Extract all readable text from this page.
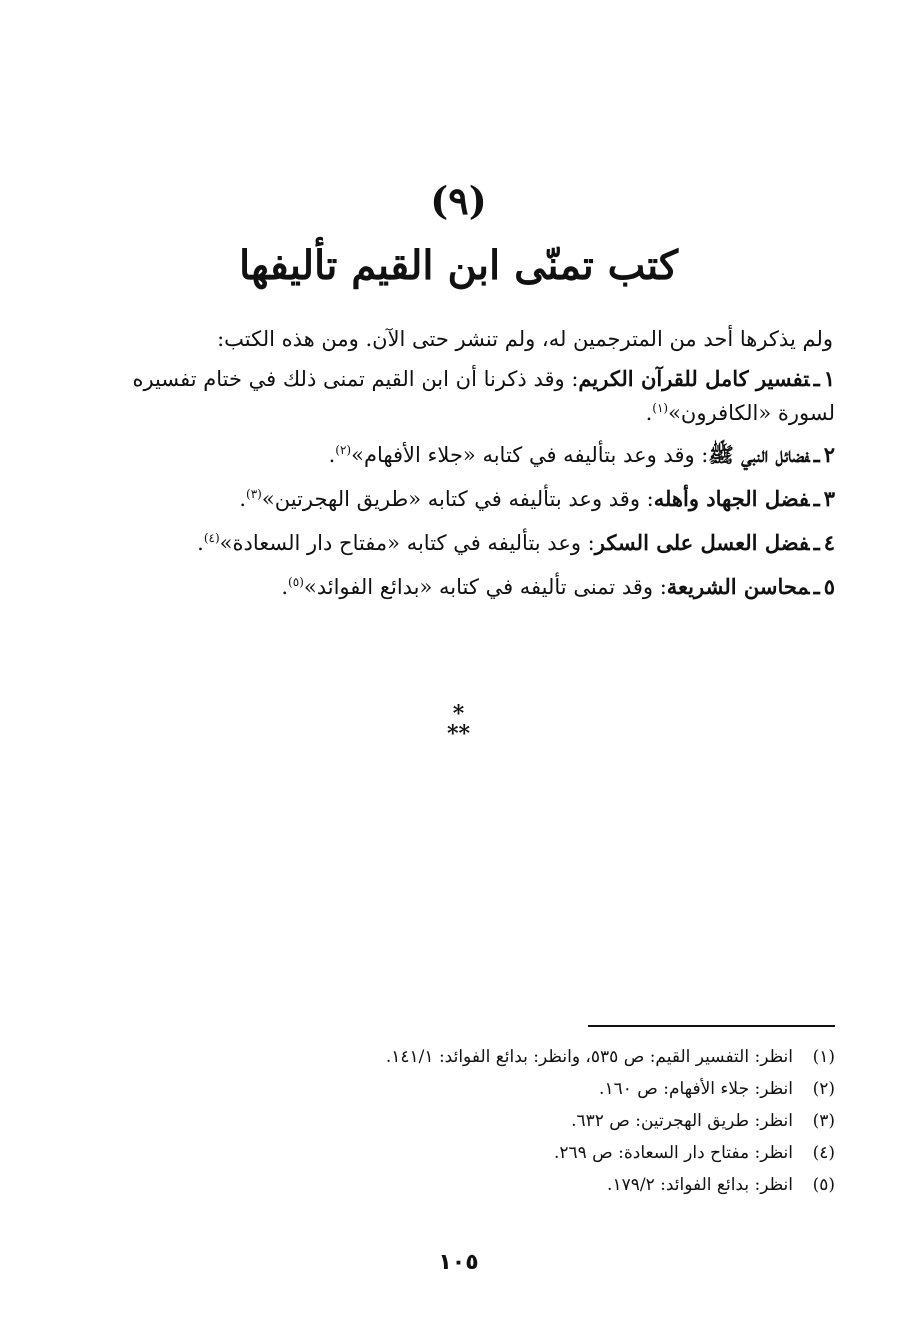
(٩)
كتب تمنّى ابن القيم تأليفها

ولم يذكرها أحد من المترجمين له، ولم تنشر حتى الآن. ومن هذه الكتب:

١ـتفسير كامل للقرآن الكريم: وقد ذكرنا أن ابن القيم تمنى ذلك في ختام تفسيره لسورة «الكافرون»$^{(١)}$.

٢ـفضائل النبي ﷺ: وقد وعد بتأليفه في كتابه «جلاء الأفهام»$^{(٢)}$.

٣ـفضل الجهاد وأهله: وقد وعد بتأليفه في كتابه «طريق الهجرتين»$^{(٣)}$.

٤ـفضل العسل على السكر: وعد بتأليفه في كتابه «مفتاح دار السعادة»$^{(٤)}$.

٥ـمحاسن الشريعة: وقد تمنى تأليفه في كتابه «بدائع الفوائد»$^{(٥)}$.

*
**
(١)
انظر: التفسير القيم: ص ٥٣٥، وانظر: بدائع الفوائد: ١٤١/١.
(٢)
انظر: جلاء الأفهام: ص ١٦٠.
(٣)
انظر: طريق الهجرتين: ص ٦٣٢.
(٤)
انظر: مفتاح دار السعادة: ص ٢٦٩.
(٥)
انظر: بدائع الفوائد: ١٧٩/٢.
١٠٥
